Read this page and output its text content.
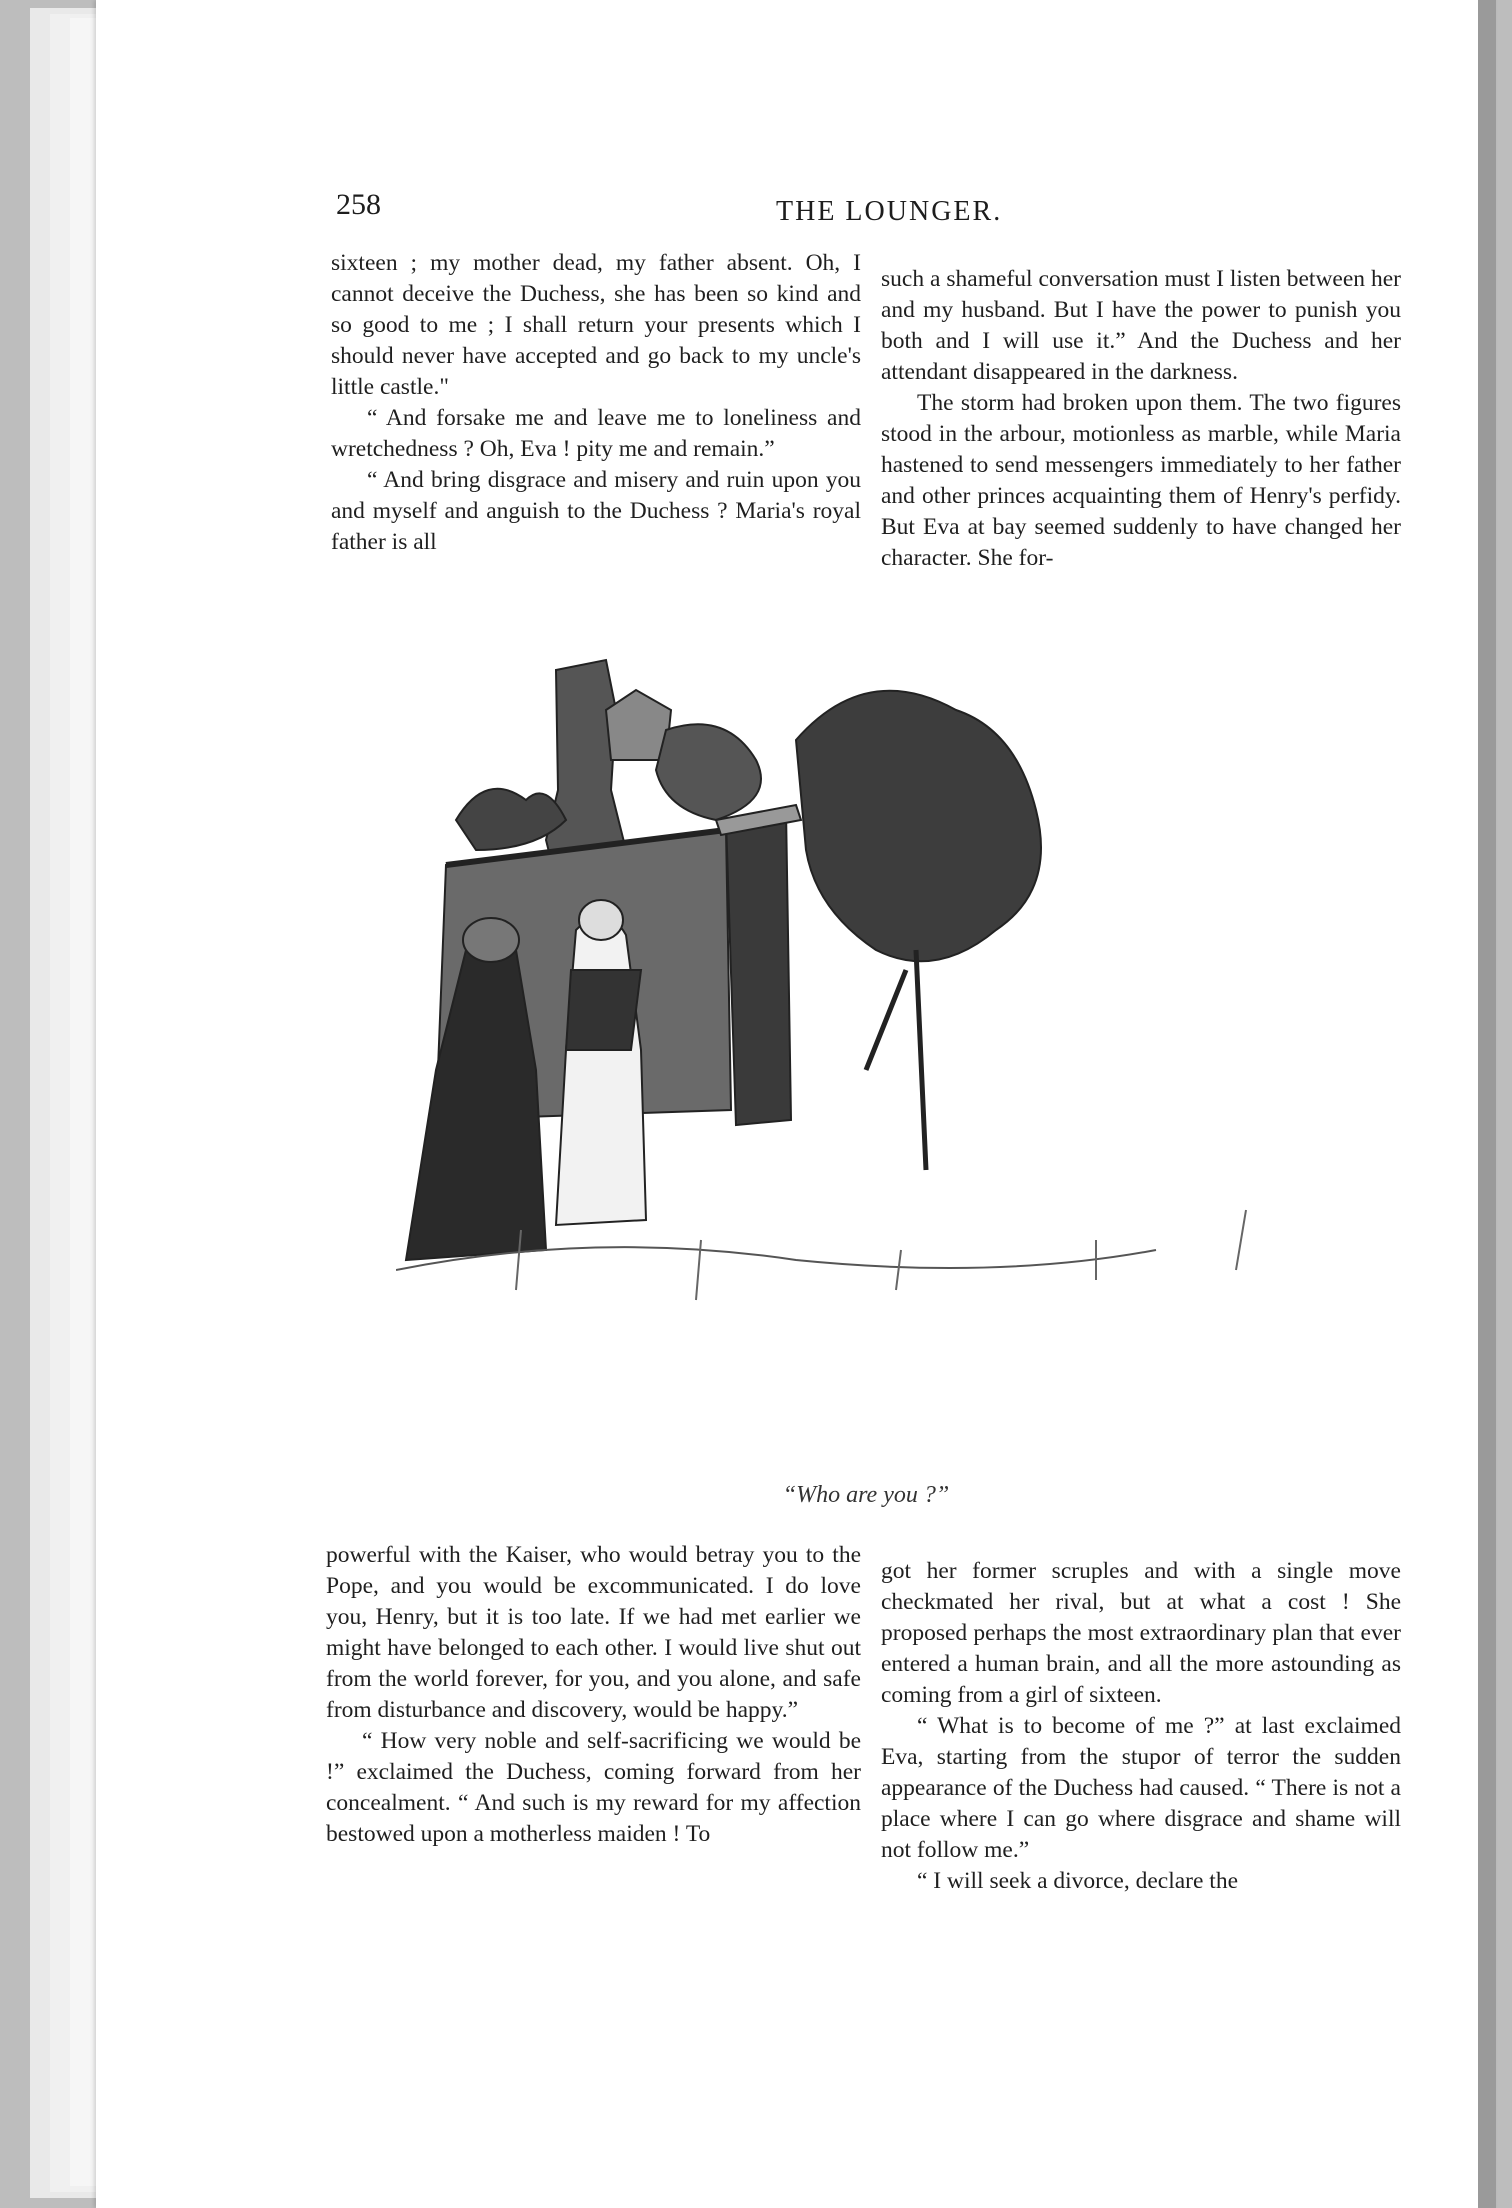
258	THE LOUNGER.

sixteen ; my mother dead, my father absent. Oh, I cannot deceive the Duchess, she has been so kind and so good to me ; I shall return your presents which I should never have accepted and go back to my uncle's little castle."

“ And forsake me and leave me to loneliness and wretchedness ? Oh, Eva ! pity me and remain.”

“ And bring disgrace and misery and ruin upon you and myself and anguish to the Duchess ? Maria's royal father is all

such a shameful conversation must I listen between her and my husband. But I have the power to punish you both and I will use it.” And the Duchess and her attendant disappeared in the darkness.

The storm had broken upon them. The two figures stood in the arbour, motionless as marble, while Maria hastened to send messengers immediately to her father and other princes acquainting them of Henry's perfidy. But Eva at bay seemed suddenly to have changed her character. She for-

“Who are you ?”

powerful with the Kaiser, who would betray you to the Pope, and you would be excommunicated. I do love you, Henry, but it is too late. If we had met earlier we might have belonged to each other. I would live shut out from the world forever, for you, and you alone, and safe from disturbance and discovery, would be happy.”

“ How very noble and self-sacrificing we would be !” exclaimed the Duchess, coming forward from her concealment. “ And such is my reward for my affection bestowed upon a motherless maiden ! To

got her former scruples and with a single move checkmated her rival, but at what a cost ! She proposed perhaps the most extraordinary plan that ever entered a human brain, and all the more astounding as coming from a girl of sixteen.

“ What is to become of me ?” at last exclaimed Eva, starting from the stupor of terror the sudden appearance of the Duchess had caused. “ There is not a place where I can go where disgrace and shame will not follow me.”

“ I will seek a divorce, declare the
